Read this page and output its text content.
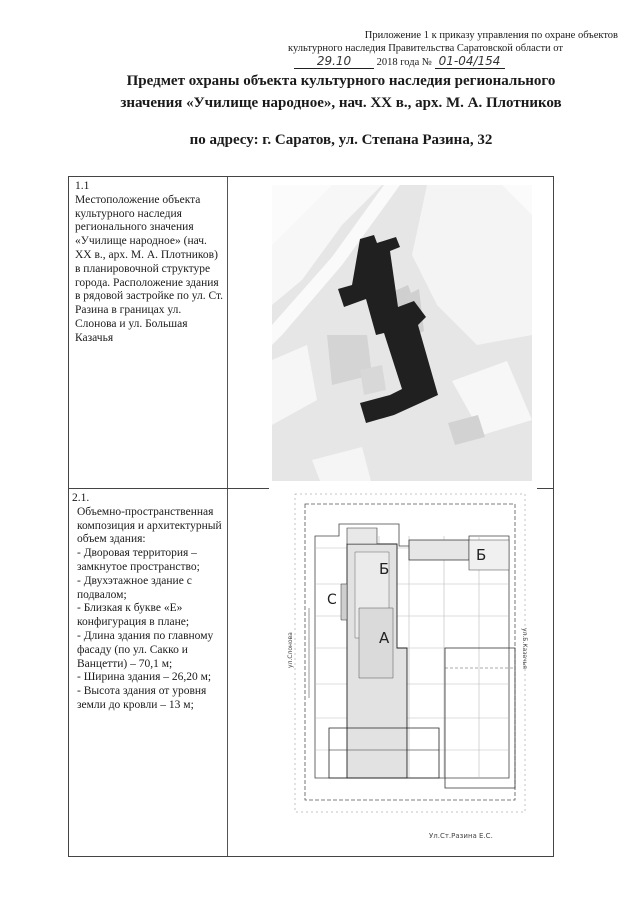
Приложение 1 к приказу управления по охране объектов
культурного наследия Правительства Саратовской области от
29.10 2018 года № 01-04/154
Предмет охраны объекта культурного наследия регионального
значения «Училище народное», нач. XX в., арх. М. А. Плотников
по адресу: г. Саратов, ул. Степана Разина, 32
1.1
Местоположение объекта культурного наследия регионального значения «Училище народное» (нач. XX в., арх. М. А. Плотников) в планировочной структуре города. Расположение здания в рядовой застройке по ул. Ст. Разина в границах ул. Слонова и ул. Большая Казачья
2.1.

Объемно-пространственная композиция и архитектурный объем здания:

- Дворовая территория – замкнутое пространство;

- Двухэтажное здание с подвалом;

- Близкая к букве «Е» конфигурация в плане;

- Длина здания по главному фасаду (по ул. Сакко и Ванцетти) – 70,1 м;

- Ширина здания – 26,20 м;

- Высота здания от уровня земли до кровли – 13 м;

ул.Слонова	ул.Б.Казачья
А
Б
Б
С
Ул.Ст.Разина Е.С.
